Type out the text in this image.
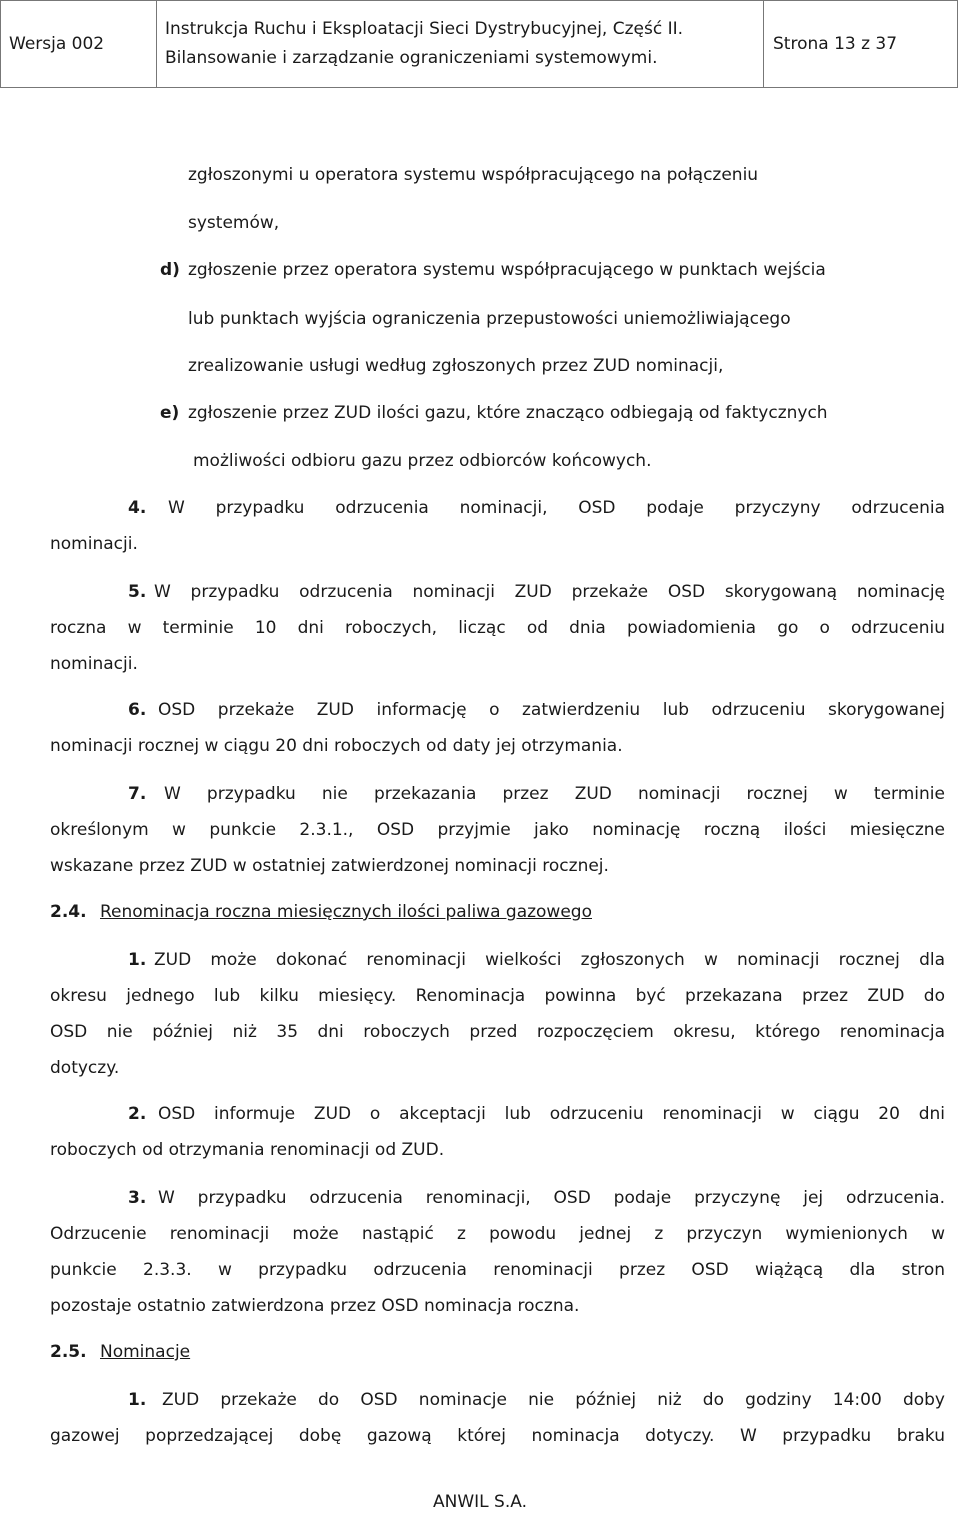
Wersja 002
Instrukcja Ruchu i Eksploatacji Sieci Dystrybucyjnej, Część II.
Bilansowanie i zarządzanie ograniczeniami systemowymi.
Strona 13 z 37
zgłoszonymi u operatora systemu współpracującego na połączeniu
systemów,
d) zgłoszenie przez operatora systemu współpracującego w punktach wejścia
lub punktach wyjścia ograniczenia przepustowości uniemożliwiającego
zrealizowanie usługi według zgłoszonych przez ZUD nominacji,
e) zgłoszenie przez ZUD ilości gazu, które znacząco odbiegają od faktycznych
możliwości odbioru gazu przez odbiorców końcowych.
4. W przypadku odrzucenia nominacji, OSD podaje przyczyny odrzucenia
nominacji.
5. W przypadku odrzucenia nominacji ZUD przekaże OSD skorygowaną nominację
roczna w terminie 10 dni roboczych, licząc od dnia powiadomienia go o odrzuceniu
nominacji.
6. OSD przekaże ZUD informację o zatwierdzeniu lub odrzuceniu skorygowanej
nominacji rocznej w ciągu 20 dni roboczych od daty jej otrzymania.
7. W przypadku nie przekazania przez ZUD nominacji rocznej w terminie
określonym w punkcie 2.3.1., OSD przyjmie jako nominację roczną ilości miesięczne
wskazane przez ZUD w ostatniej zatwierdzonej nominacji rocznej.
2.4. Renominacja roczna miesięcznych ilości paliwa gazowego
1. ZUD może dokonać renominacji wielkości zgłoszonych w nominacji rocznej dla
okresu jednego lub kilku miesięcy. Renominacja powinna być przekazana przez ZUD do
OSD nie później niż 35 dni roboczych przed rozpoczęciem okresu, którego renominacja
dotyczy.
2. OSD informuje ZUD o akceptacji lub odrzuceniu renominacji w ciągu 20 dni
roboczych od otrzymania renominacji od ZUD.
3. W przypadku odrzucenia renominacji, OSD podaje przyczynę jej odrzucenia.
Odrzucenie renominacji może nastąpić z powodu jednej z przyczyn wymienionych w
punkcie 2.3.3. w przypadku odrzucenia renominacji przez OSD wiążącą dla stron
pozostaje ostatnio zatwierdzona przez OSD nominacja roczna.
2.5. Nominacje
1. ZUD przekaże do OSD nominacje nie później niż do godziny 14:00 doby
gazowej poprzedzającej dobę gazową której nominacja dotyczy. W przypadku braku
ANWIL S.A.
